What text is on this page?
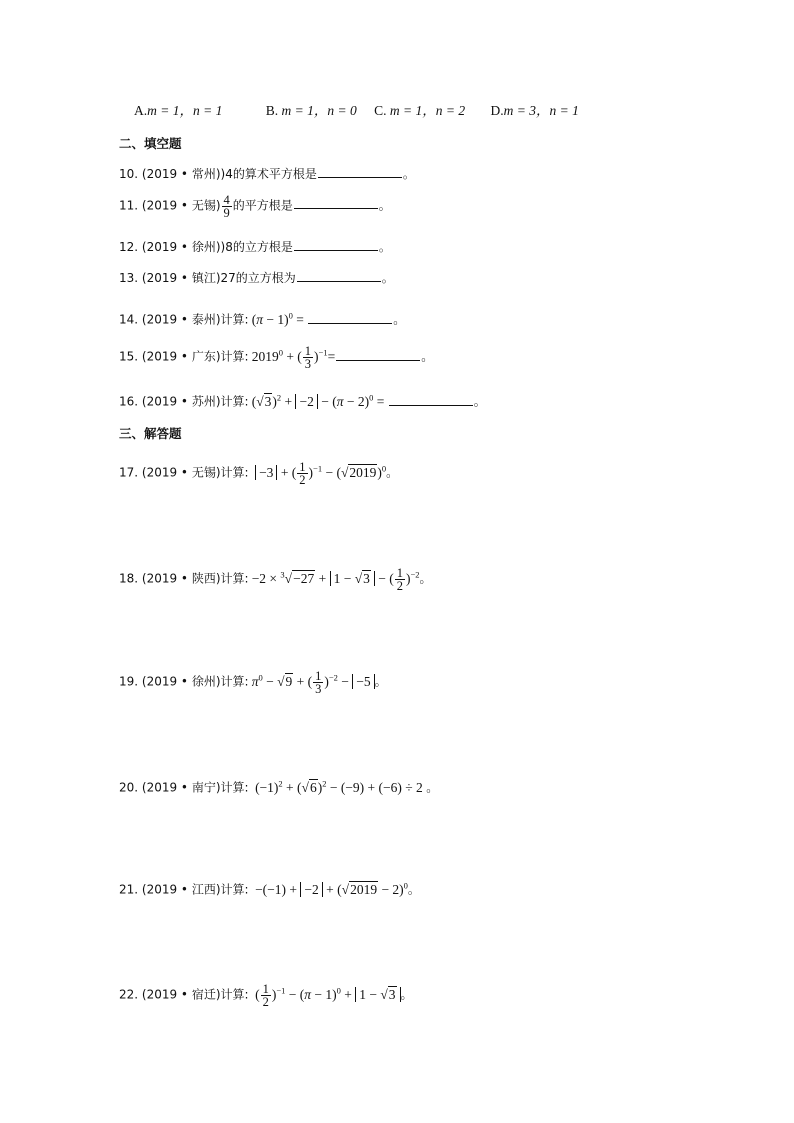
A.m = 1，n = 1	B. m = 1，n = 0 C. m = 1，n = 2 D.m = 3，n = 1
二、填空题
10. (2019 • 常州))4的算术平方根是	。
11. (2019 • 无锡) $\frac{4}{9}$ 的平方根是	。
12. (2019 • 徐州))8的立方根是	。
13. (2019 • 镇江)27的立方根为	。
14. (2019 • 泰州)计算: $(\pi - 1)^0$ =	。
15. (2019 • 广东)计算: $2019^0$ + ( $\frac{1}{3} )^{-1}=$	。
16. (2019 • 苏州)计算: $(√3)^2 + -2 - (\pi - 2)^0$ =	。
三、解答题
17. (2019 • 无锡)计算: −3 + ( $\frac{1}{2} )^{-1} - (√2019)^0$。
18. (2019 • 陕西)计算: −2 × $^3$√−27 + 1 − √3 − ( $\frac{1}{2} )^{-2}$。
19. (2019 • 徐州)计算: $\pi^0 - √9$ + ( $\frac{1}{3} )^{-2} - -5$ 。
20. (2019 • 南宁)计算:  $(-1)^2 + (√6)^2 - (-9) + (-6) \div 2$ 。
21. (2019 • 江西)计算:  $-(-1) + -2 + (√2019 - 2)^0$。
22. (2019 • 宿迁)计算:  ( $\frac{1}{2} )^{-1} - (\pi - 1)^0 + 1 - √3$ 。
